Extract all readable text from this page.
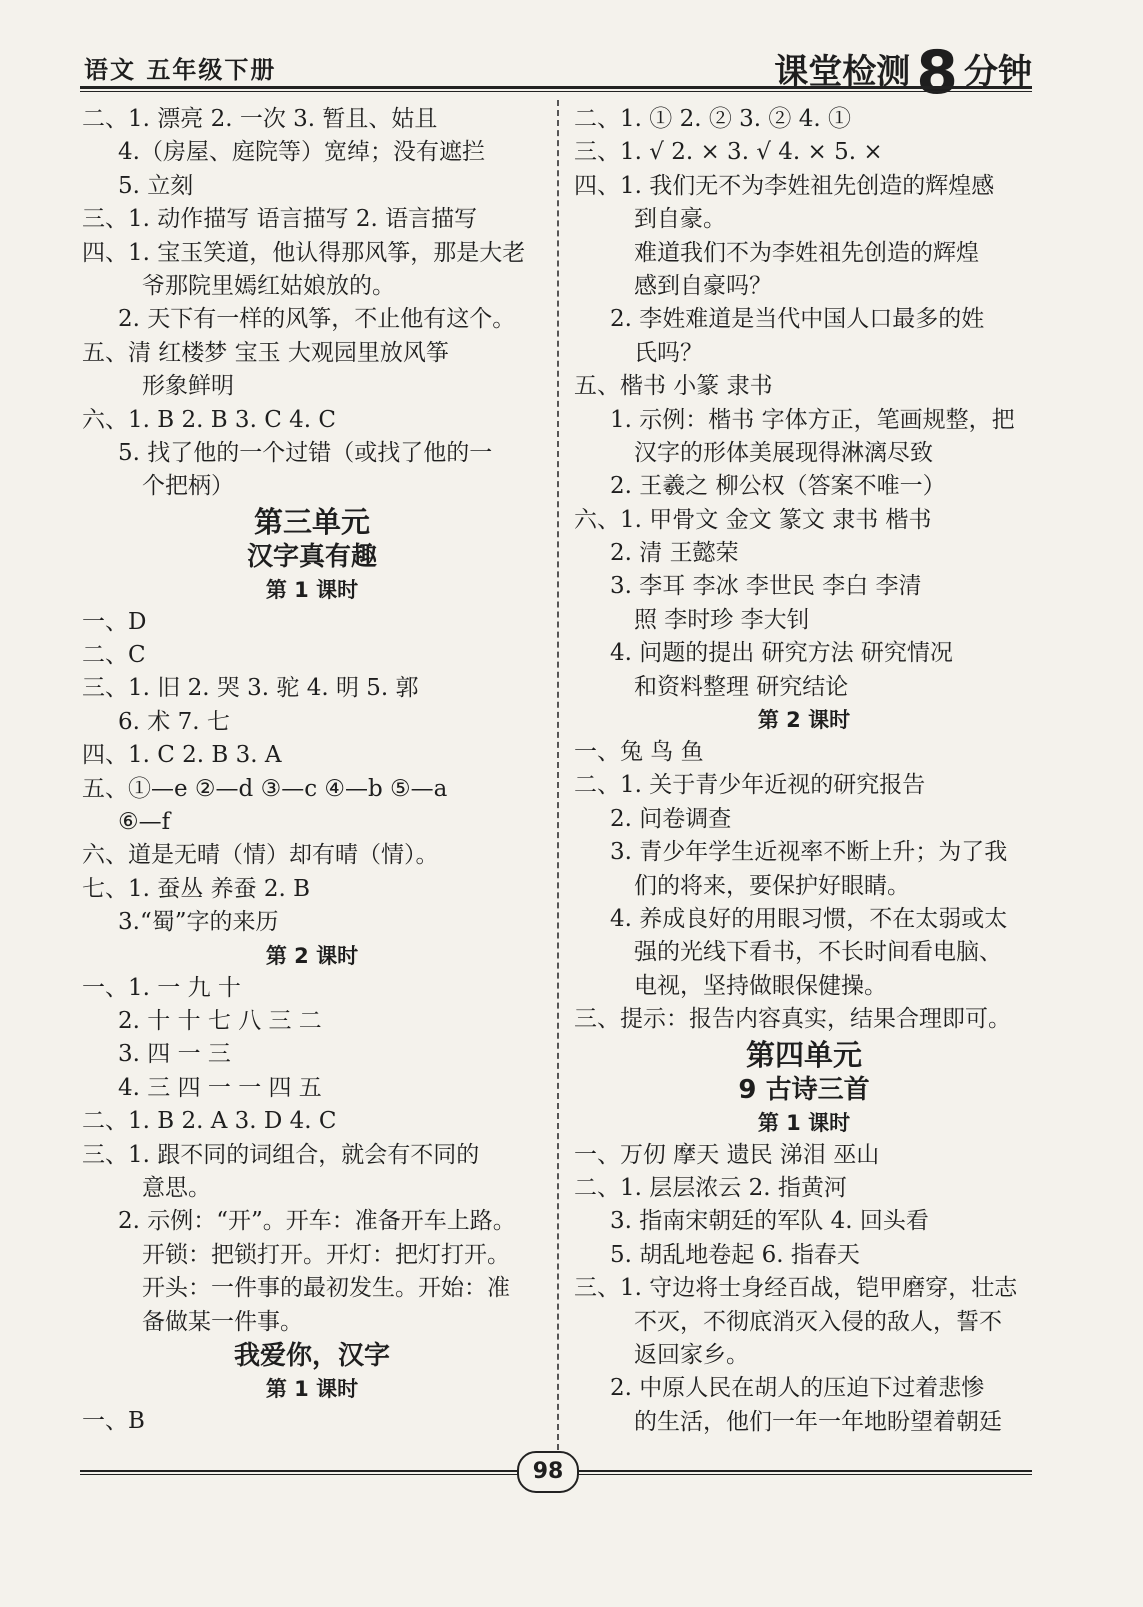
语文 五年级下册	课堂检测 8 分钟
二、1. 漂亮 2. 一次 3. 暂且、姑且
4.（房屋、庭院等）宽绰；没有遮拦
5. 立刻
三、1. 动作描写 语言描写 2. 语言描写
四、1. 宝玉笑道，他认得那风筝，那是大老
爷那院里嫣红姑娘放的。
2. 天下有一样的风筝，不止他有这个。
五、清 红楼梦 宝玉 大观园里放风筝
形象鲜明
六、1. B 2. B 3. C 4. C
5. 找了他的一个过错（或找了他的一
个把柄）
第三单元
汉字真有趣
第 1 课时
一、D
二、C
三、1. 旧 2. 哭 3. 驼 4. 明 5. 郭
6. 术 7. 七
四、1. C 2. B 3. A
五、①—e ②—d ③—c ④—b ⑤—a
⑥—f
六、道是无晴（情）却有晴（情）。
七、1. 蚕丛 养蚕 2. B
3.“蜀”字的来历
第 2 课时
一、1. 一 九 十
2. 十 十 七 八 三 二
3. 四 一 三
4. 三 四 一 一 四 五
二、1. B 2. A 3. D 4. C
三、1. 跟不同的词组合，就会有不同的
意思。
2. 示例：“开”。开车：准备开车上路。
开锁：把锁打开。开灯：把灯打开。
开头：一件事的最初发生。开始：准
备做某一件事。
我爱你，汉字
第 1 课时
一、B
二、1. ① 2. ② 3. ② 4. ①
三、1. √ 2. × 3. √ 4. × 5. ×
四、1. 我们无不为李姓祖先创造的辉煌感
到自豪。
难道我们不为李姓祖先创造的辉煌
感到自豪吗？
2. 李姓难道是当代中国人口最多的姓
氏吗？
五、楷书 小篆 隶书
1. 示例：楷书 字体方正，笔画规整，把
汉字的形体美展现得淋漓尽致
2. 王羲之 柳公权（答案不唯一）
六、1. 甲骨文 金文 篆文 隶书 楷书
2. 清 王懿荣
3. 李耳 李冰 李世民 李白 李清
照 李时珍 李大钊
4. 问题的提出 研究方法 研究情况
和资料整理 研究结论
第 2 课时
一、兔 鸟 鱼
二、1. 关于青少年近视的研究报告
2. 问卷调查
3. 青少年学生近视率不断上升；为了我
们的将来，要保护好眼睛。
4. 养成良好的用眼习惯，不在太弱或太
强的光线下看书，不长时间看电脑、
电视，坚持做眼保健操。
三、提示：报告内容真实，结果合理即可。
第四单元
9 古诗三首
第 1 课时
一、万仞 摩天 遗民 涕泪 巫山
二、1. 层层浓云 2. 指黄河
3. 指南宋朝廷的军队 4. 回头看
5. 胡乱地卷起 6. 指春天
三、1. 守边将士身经百战，铠甲磨穿，壮志
不灭，不彻底消灭入侵的敌人，誓不
返回家乡。
2. 中原人民在胡人的压迫下过着悲惨
的生活，他们一年一年地盼望着朝廷
98
